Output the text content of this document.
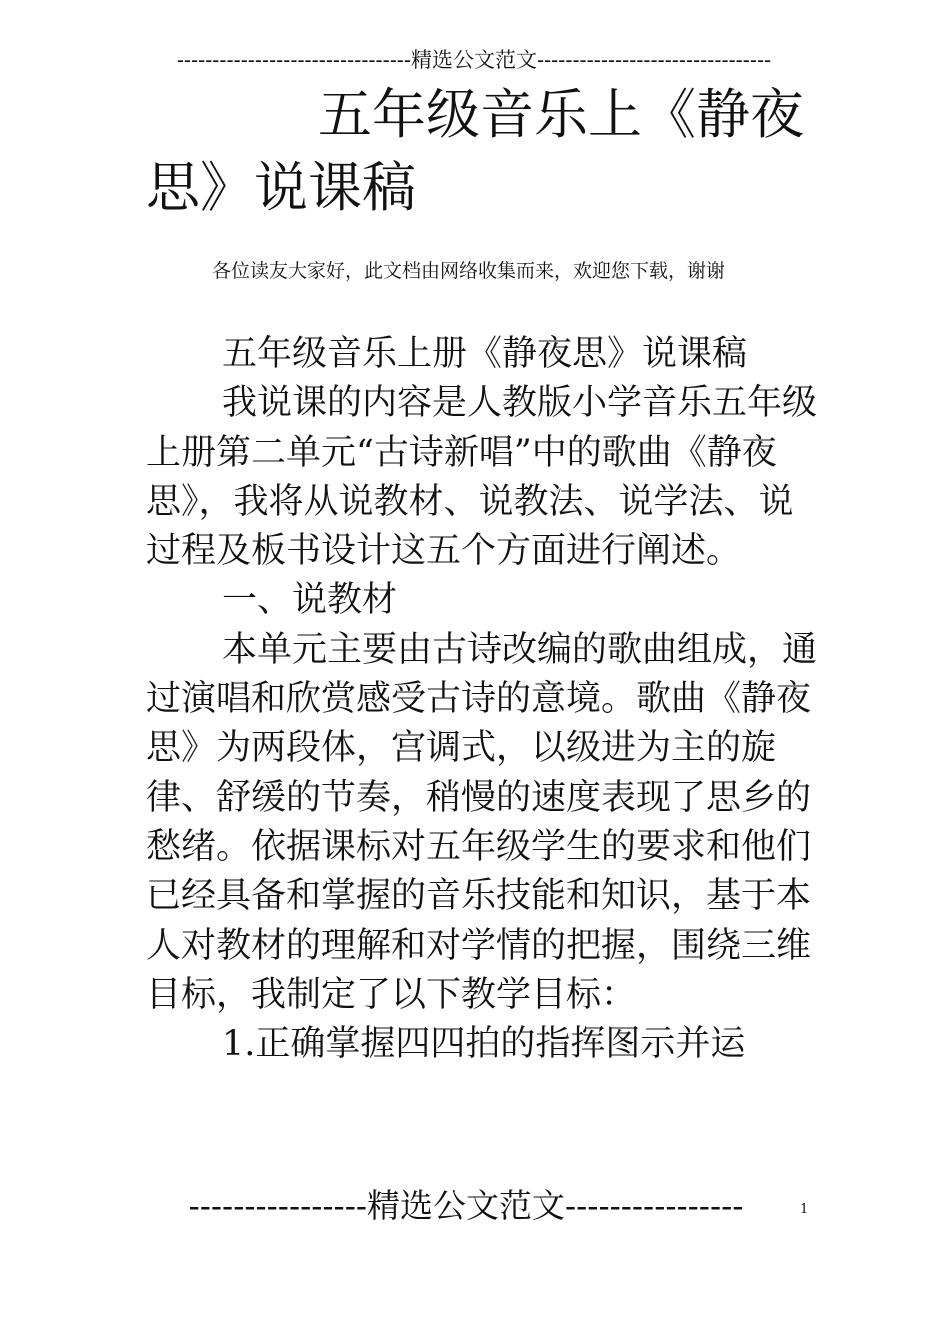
---------------------------------精选公文范文---------------------------------
五年级音乐上《静夜思》说课稿
各位读友大家好，此文档由网络收集而来，欢迎您下载，谢谢

五年级音乐上册《静夜思》说课稿

我说课的内容是人教版小学音乐五年级上册第二单元“古诗新唱”中的歌曲《静夜思》，我将从说教材、说教法、说学法、说过程及板书设计这五个方面进行阐述。

一、说教材

本单元主要由古诗改编的歌曲组成，通过演唱和欣赏感受古诗的意境。歌曲《静夜思》为两段体，宫调式，以级进为主的旋律、舒缓的节奏，稍慢的速度表现了思乡的愁绪。依据课标对五年级学生的要求和他们已经具备和掌握的音乐技能和知识，基于本人对教材的理解和对学情的把握，围绕三维目标，我制定了以下教学目标：

1.正确掌握四四拍的指挥图示并运

----------------精选公文范文----------------	1
